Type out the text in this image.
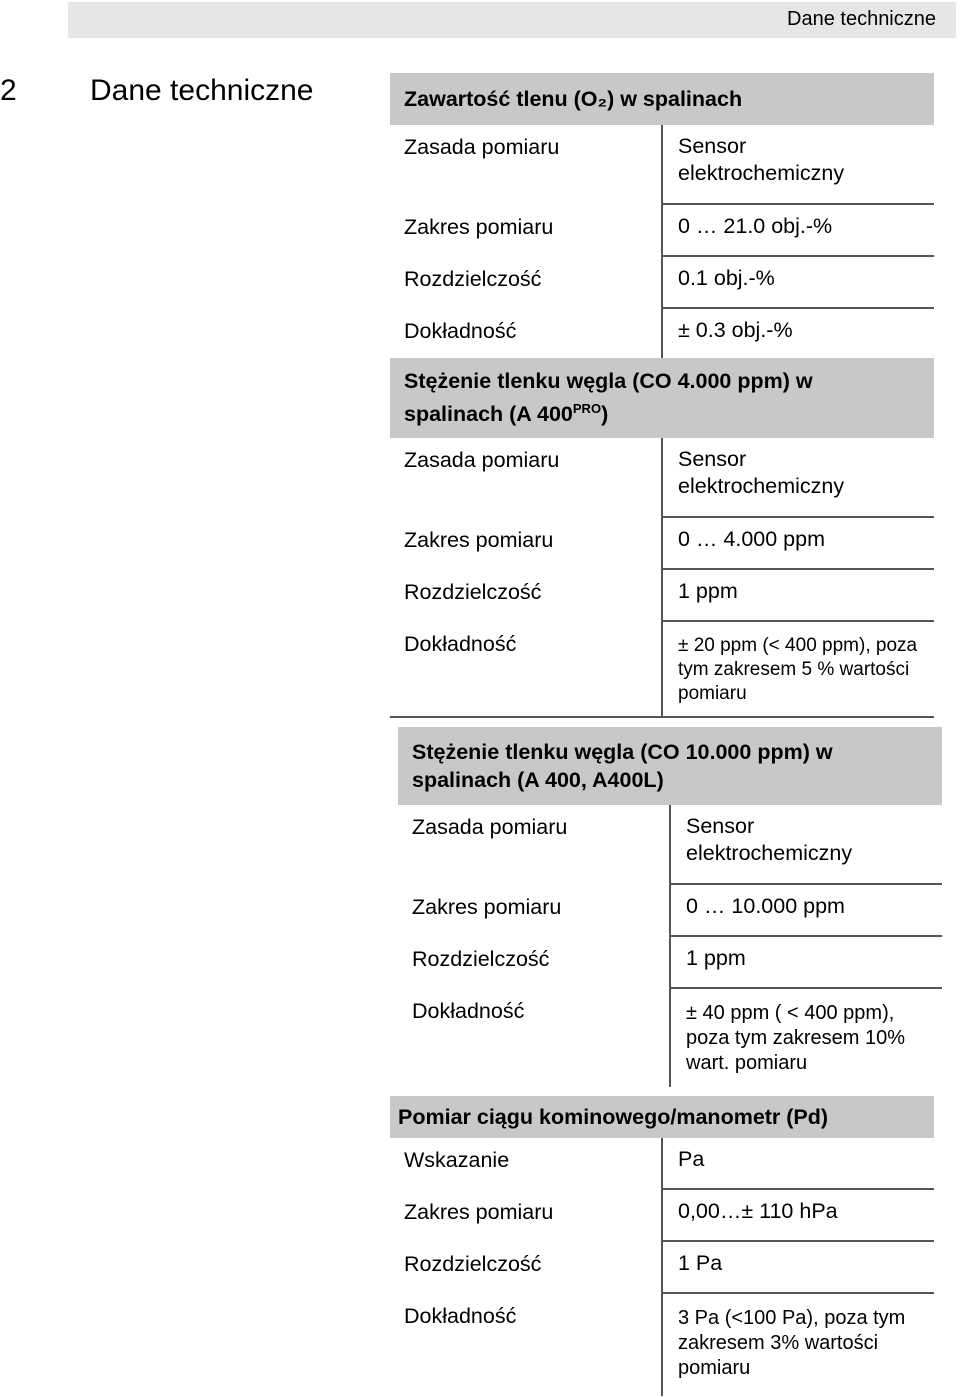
Dane techniczne
2 Dane techniczne	Zawartość tlenu (O₂) w spalinach
Zasada pomiaru	Sensor elektrochemiczny
Zakres pomiaru	0 … 21.0 obj.-%
Rozdzielczość	0.1 obj.-%
Dokładność	± 0.3 obj.-%
Stężenie tlenku węgla (CO 4.000 ppm) w
spalinach (A $400^{PRO}$)
Zasada pomiaru	Sensor elektrochemiczny
Zakres pomiaru	0 … 4.000 ppm
Rozdzielczość	1 ppm
Dokładność	± 20 ppm (< 400 ppm), poza tym zakresem 5 % wartości pomiaru
Stężenie tlenku węgla (CO 10.000 ppm) w
spalinach (A 400, A400L)
Zasada pomiaru	Sensor elektrochemiczny
Zakres pomiaru	0 … 10.000 ppm
Rozdzielczość	1 ppm
Dokładność	± 40 ppm ( < 400 ppm), poza tym zakresem 10% wart. pomiaru
Pomiar ciągu kominowego/manometr (Pd)
Wskazanie	Pa
Zakres pomiaru	0,00…± 110 hPa
Rozdzielczość	1 Pa
Dokładność	3 Pa (<100 Pa), poza tym zakresem 3% wartości pomiaru
